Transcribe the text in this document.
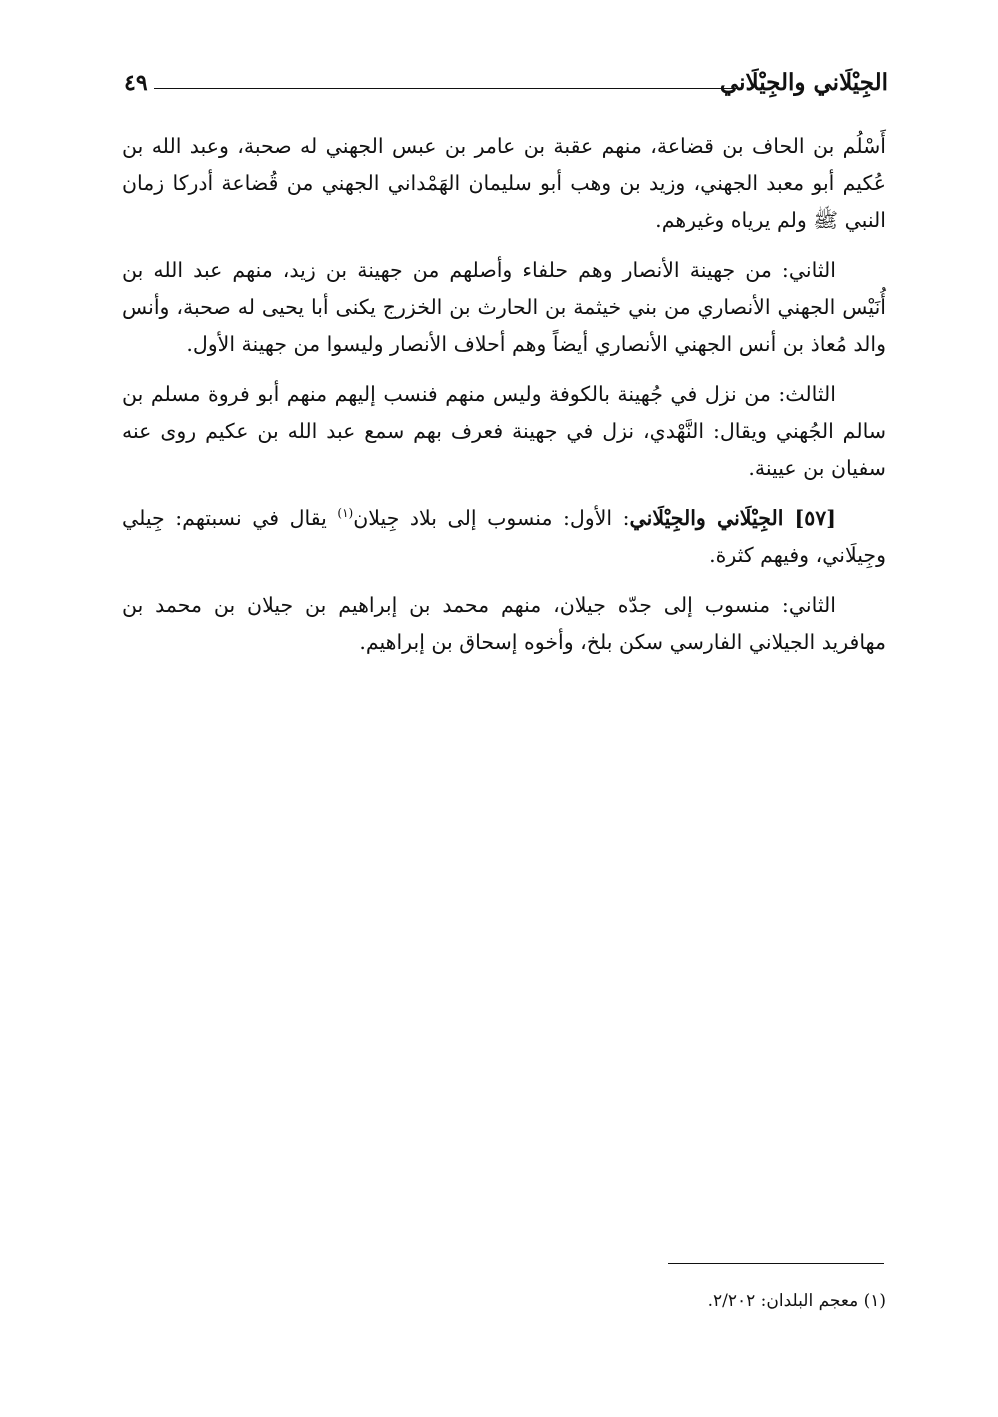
الجِيْلَاني والجِيْلَاني
٤٩

أَسْلُم بن الحاف بن قضاعة، منهم عقبة بن عامر بن عبس الجهني له صحبة، وعبد الله بن عُكيم أبو معبد الجهني، وزيد بن وهب أبو سليمان الهَمْداني الجهني من قُضاعة أدركا زمان النبي ﷺ ولم يرياه وغيرهم.

الثاني: من جهينة الأنصار وهم حلفاء وأصلهم من جهينة بن زيد، منهم عبد الله بن أُنَيْس الجهني الأنصاري من بني خيثمة بن الحارث بن الخزرج يكنى أبا يحيى له صحبة، وأنس والد مُعاذ بن أنس الجهني الأنصاري أيضاً وهم أحلاف الأنصار وليسوا من جهينة الأول.

الثالث: من نزل في جُهينة بالكوفة وليس منهم فنسب إليهم منهم أبو فروة مسلم بن سالم الجُهني ويقال: النَّهْدي، نزل في جهينة فعرف بهم سمع عبد الله بن عكيم روى عنه سفيان بن عيينة.

[٥٧] الجِيْلَاني والجِيْلَاني: الأول: منسوب إلى بلاد جِيلان$^{(١)}$ يقال في نسبتهم: جِيلي وجِيلَاني، وفيهم كثرة.

الثاني: منسوب إلى جدّه جيلان، منهم محمد بن إبراهيم بن جيلان بن محمد بن مهافريد الجيلاني الفارسي سكن بلخ، وأخوه إسحاق بن إبراهيم.

(١) معجم البلدان: ٢/٢٠٢.
